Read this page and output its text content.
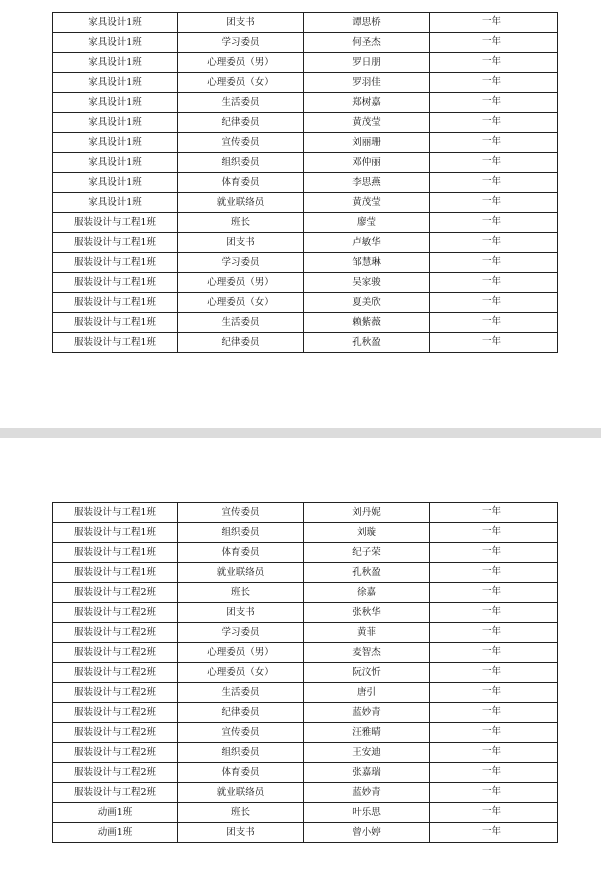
家具设计1班	团支书	谭思桥	一年
家具设计1班	学习委员	何圣杰	一年
家具设计1班	心理委员（男）	罗日朋	一年
家具设计1班	心理委员（女）	罗羽佳	一年
家具设计1班	生活委员	郑树嘉	一年
家具设计1班	纪律委员	黄茂莹	一年
家具设计1班	宣传委员	刘丽珊	一年
家具设计1班	组织委员	邓仲丽	一年
家具设计1班	体育委员	李思燕	一年
家具设计1班	就业联络员	黄茂莹	一年
服装设计与工程1班	班长	廖莹	一年
服装设计与工程1班	团支书	卢敏华	一年
服装设计与工程1班	学习委员	邹慧琳	一年
服装设计与工程1班	心理委员（男）	吴家骏	一年
服装设计与工程1班	心理委员（女）	夏美欣	一年
服装设计与工程1班	生活委员	赖紫薇	一年
服装设计与工程1班	纪律委员	孔秋盈	一年
服装设计与工程1班	宣传委员	刘丹妮	一年
服装设计与工程1班	组织委员	刘璇	一年
服装设计与工程1班	体育委员	纪子荣	一年
服装设计与工程1班	就业联络员	孔秋盈	一年
服装设计与工程2班	班长	徐嘉	一年
服装设计与工程2班	团支书	张秋华	一年
服装设计与工程2班	学习委员	黄菲	一年
服装设计与工程2班	心理委员（男）	麦智杰	一年
服装设计与工程2班	心理委员（女）	阮汶忻	一年
服装设计与工程2班	生活委员	唐引	一年
服装设计与工程2班	纪律委员	蓝妙青	一年
服装设计与工程2班	宣传委员	汪雅晴	一年
服装设计与工程2班	组织委员	王安迪	一年
服装设计与工程2班	体育委员	张嘉瑞	一年
服装设计与工程2班	就业联络员	蓝妙青	一年
动画1班	班长	叶乐思	一年
动画1班	团支书	曾小婷	一年
